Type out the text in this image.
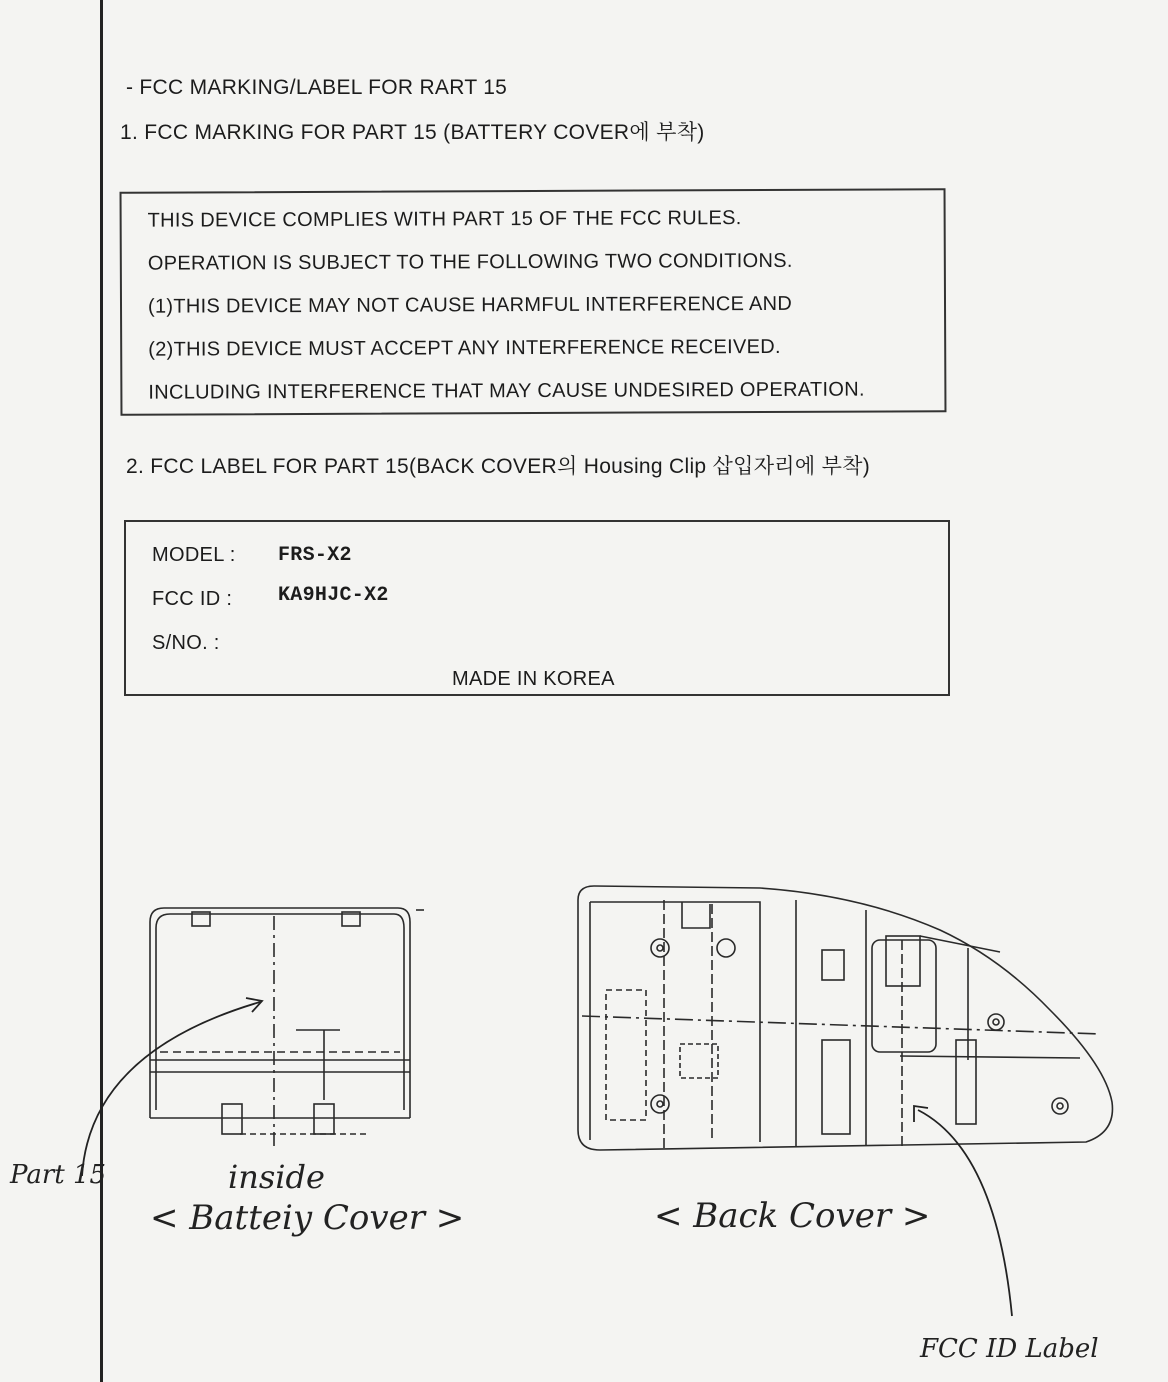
- FCC MARKING/LABEL FOR RART 15
1. FCC MARKING FOR PART 15 (BATTERY COVER에 부착)
THIS DEVICE COMPLIES WITH PART 15 OF THE FCC RULES.
OPERATION IS SUBJECT TO THE FOLLOWING TWO CONDITIONS.
(1)THIS DEVICE MAY NOT CAUSE HARMFUL INTERFERENCE AND
(2)THIS DEVICE MUST ACCEPT ANY INTERFERENCE RECEIVED.
INCLUDING INTERFERENCE THAT MAY CAUSE UNDESIRED OPERATION.
2. FCC LABEL FOR PART 15(BACK COVER의 Housing Clip 삽입자리에 부착)
MODEL : FRS-X2
FCC ID : KA9HJC-X2
S/NO. :
MADE IN KOREA
Part 15	inside
< Batteiy Cover >	< Back Cover >
FCC ID Label
